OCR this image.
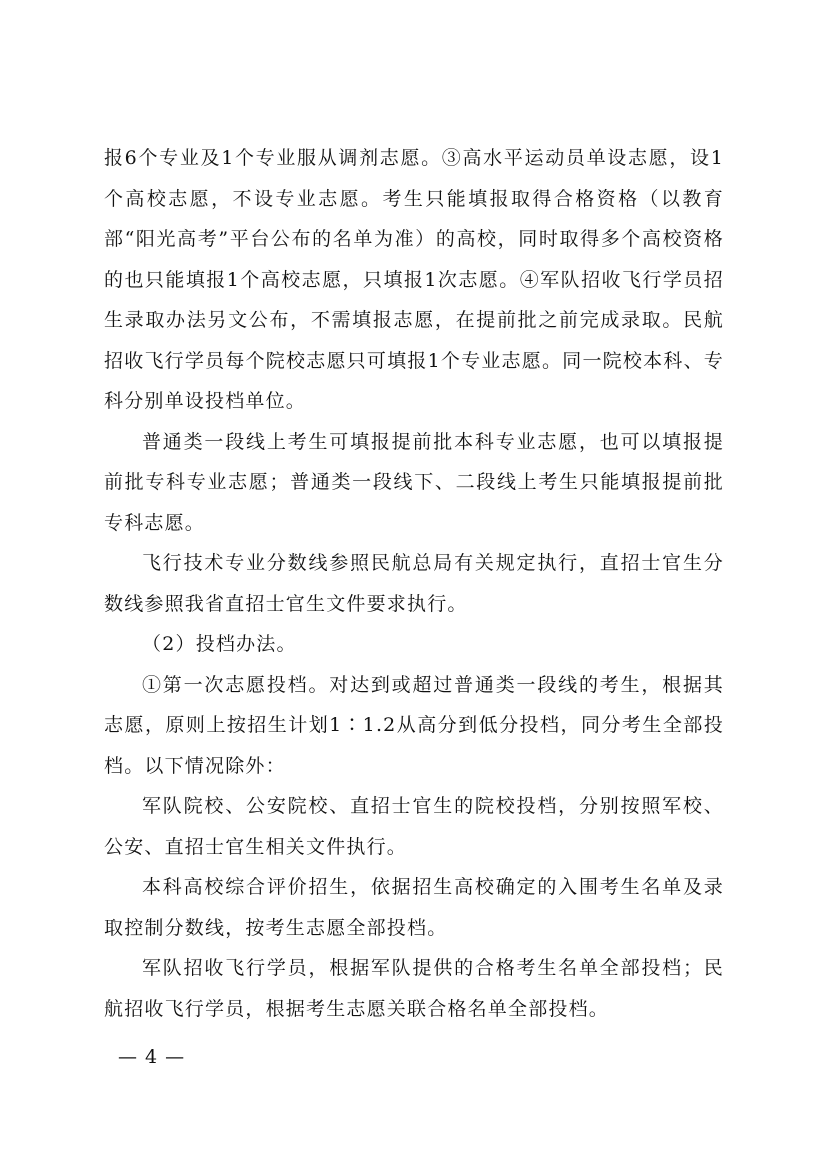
报6个专业及1个专业服从调剂志愿。③高水平运动员单设志愿，设1个高校志愿，不设专业志愿。考生只能填报取得合格资格（以教育部“阳光高考”平台公布的名单为准）的高校，同时取得多个高校资格的也只能填报1个高校志愿，只填报1次志愿。④军队招收飞行学员招生录取办法另文公布，不需填报志愿，在提前批之前完成录取。民航招收飞行学员每个院校志愿只可填报1个专业志愿。同一院校本科、专科分别单设投档单位。

普通类一段线上考生可填报提前批本科专业志愿，也可以填报提前批专科专业志愿；普通类一段线下、二段线上考生只能填报提前批专科志愿。

飞行技术专业分数线参照民航总局有关规定执行，直招士官生分数线参照我省直招士官生文件要求执行。

（2）投档办法。

①第一次志愿投档。对达到或超过普通类一段线的考生，根据其志愿，原则上按招生计划1∶1.2从高分到低分投档，同分考生全部投档。以下情况除外：

军队院校、公安院校、直招士官生的院校投档，分别按照军校、公安、直招士官生相关文件执行。

本科高校综合评价招生，依据招生高校确定的入围考生名单及录取控制分数线，按考生志愿全部投档。

军队招收飞行学员，根据军队提供的合格考生名单全部投档；民航招收飞行学员，根据考生志愿关联合格名单全部投档。

— 4 —
